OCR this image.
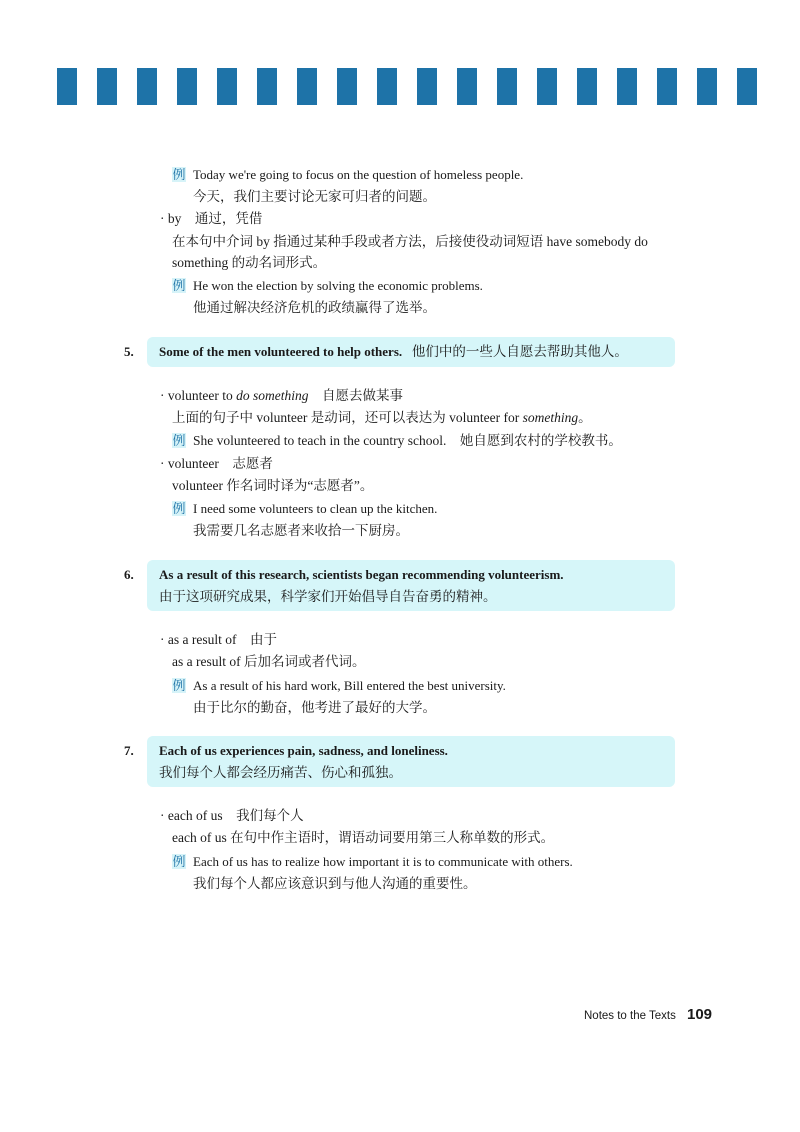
例
Today we're going to focus on the question of homeless people.
今天，我们主要讨论无家可归者的问题。
· by　通过，凭借
在本句中介词 by 指通过某种手段或者方法，后接使役动词短语 have somebody do
something 的动名词形式。
例
He won the election by solving the economic problems.
他通过解决经济危机的政绩赢得了选举。
5. Some of the men volunteered to help others. 他们中的一些人自愿去帮助其他人。
· volunteer to do something　自愿去做某事
上面的句子中 volunteer 是动词，还可以表达为 volunteer for something。
例
She volunteered to teach in the country school.　她自愿到农村的学校教书。
· volunteer　志愿者
volunteer 作名词时译为“志愿者”。
例
I need some volunteers to clean up the kitchen.
我需要几名志愿者来收拾一下厨房。
6. As a result of this research, scientists began recommending volunteerism.
由于这项研究成果，科学家们开始倡导自告奋勇的精神。
· as a result of　由于
as a result of 后加名词或者代词。
例
As a result of his hard work, Bill entered the best university.
由于比尔的勤奋，他考进了最好的大学。
7. Each of us experiences pain, sadness, and loneliness.
我们每个人都会经历痛苦、伤心和孤独。
· each of us　我们每个人
each of us 在句中作主语时，谓语动词要用第三人称单数的形式。
例
Each of us has to realize how important it is to communicate with others.
我们每个人都应该意识到与他人沟通的重要性。
Notes to the Texts 109
